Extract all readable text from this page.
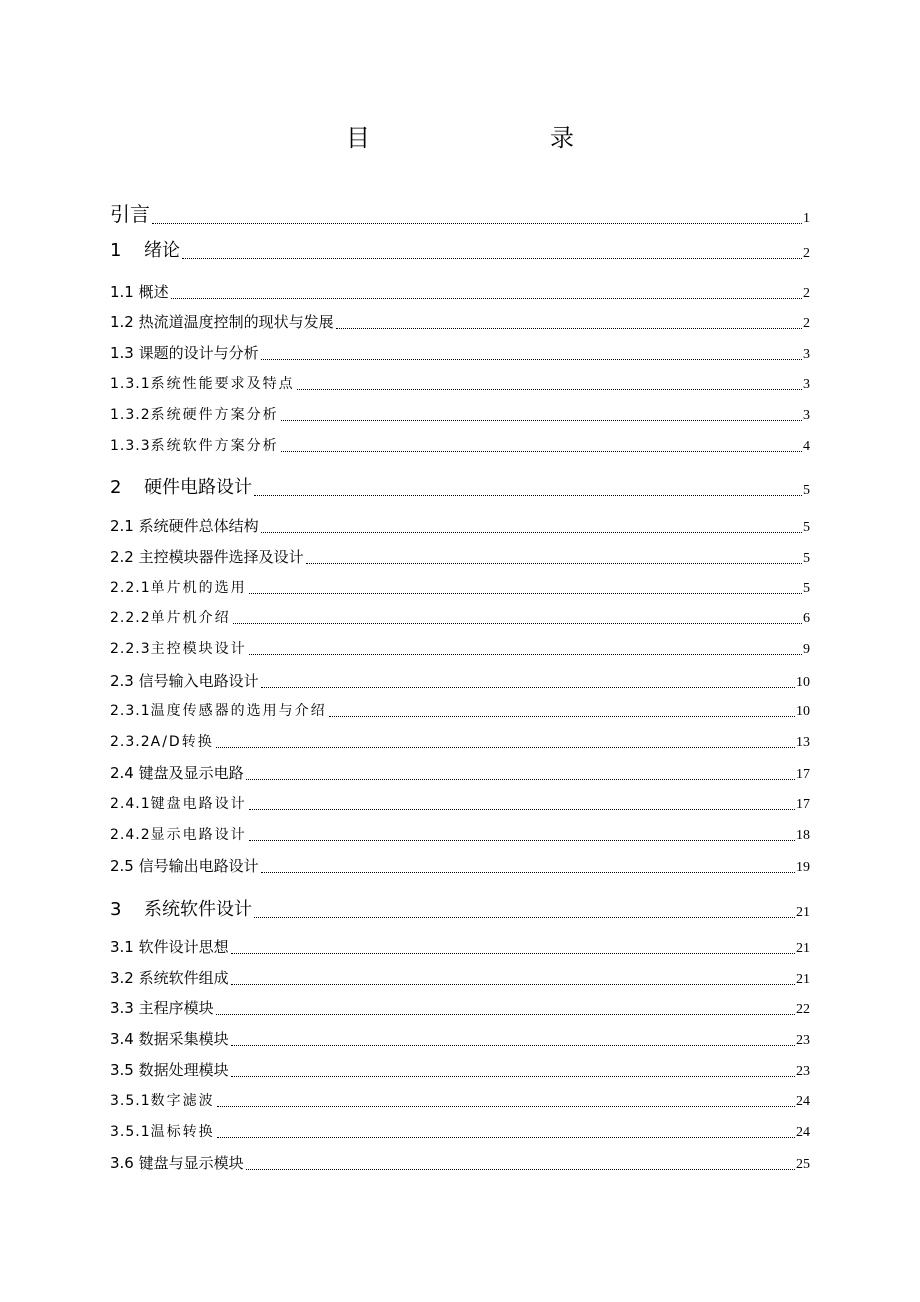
目　　录
引言	1
1 绪论	2
1.1 概述	2
1.2 热流道温度控制的现状与发展	2
1.3 课题的设计与分析	3
1.3.1系统性能要求及特点	3
1.3.2系统硬件方案分析	3
1.3.3系统软件方案分析	4
2 硬件电路设计	5
2.1 系统硬件总体结构	5
2.2 主控模块器件选择及设计	5
2.2.1单片机的选用	5
2.2.2单片机介绍	6
2.2.3主控模块设计	9
2.3 信号输入电路设计	10
2.3.1温度传感器的选用与介绍	10
2.3.2A/D转换	13
2.4 键盘及显示电路	17
2.4.1键盘电路设计	17
2.4.2显示电路设计	18
2.5 信号输出电路设计	19
3 系统软件设计	21
3.1 软件设计思想	21
3.2 系统软件组成	21
3.3 主程序模块	22
3.4 数据采集模块	23
3.5 数据处理模块	23
3.5.1数字滤波	24
3.5.1温标转换	24
3.6 键盘与显示模块	25
